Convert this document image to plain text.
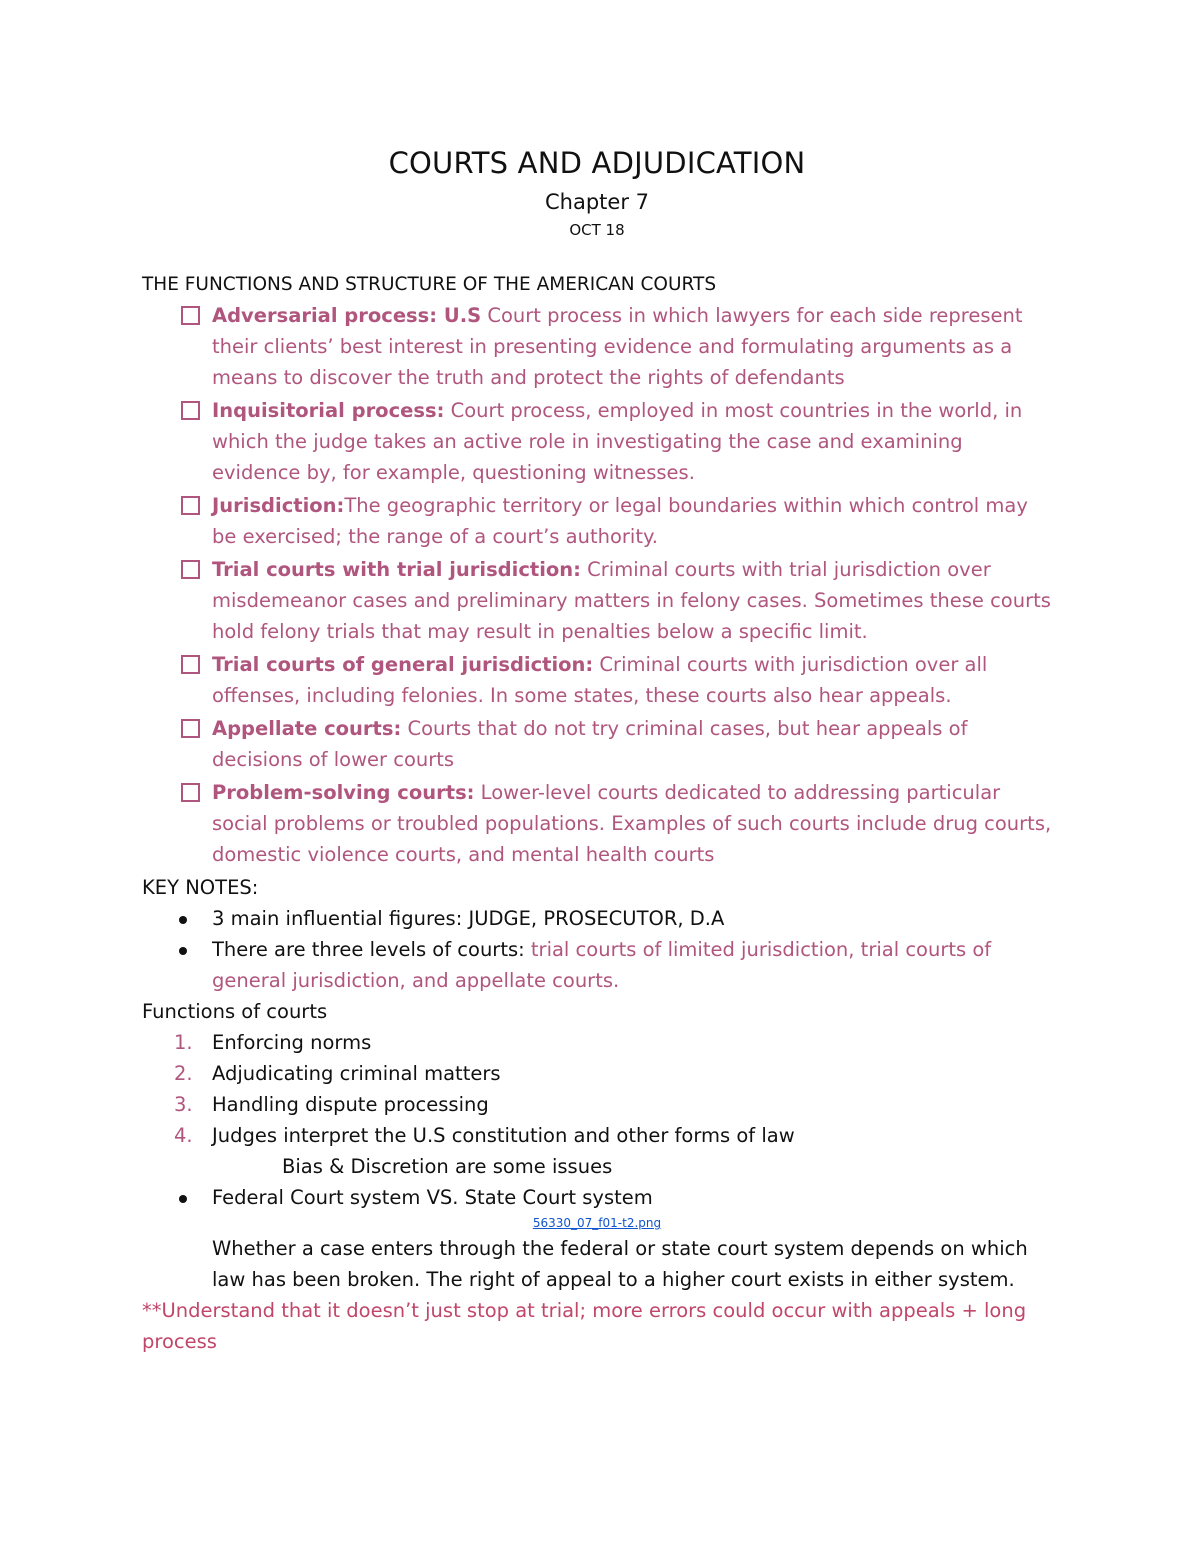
COURTS AND ADJUDICATION
Chapter 7
OCT 18
THE FUNCTIONS AND STRUCTURE OF THE AMERICAN COURTS
Adversarial process: U.S Court process in which lawyers for each side represent their clients’ best interest in presenting evidence and formulating arguments as a means to discover the truth and protect the rights of defendants
Inquisitorial process: Court process, employed in most countries in the world, in which the judge takes an active role in investigating the case and examining evidence by, for example, questioning witnesses.
Jurisdiction:The geographic territory or legal boundaries within which control may be exercised; the range of a court’s authority.
Trial courts with trial jurisdiction: Criminal courts with trial jurisdiction over misdemeanor cases and preliminary matters in felony cases. Sometimes these courts hold felony trials that may result in penalties below a specific limit.
Trial courts of general jurisdiction: Criminal courts with jurisdiction over all offenses, including felonies. In some states, these courts also hear appeals.
Appellate courts: Courts that do not try criminal cases, but hear appeals of decisions of lower courts
Problem-solving courts: Lower-level courts dedicated to addressing particular social problems or troubled populations. Examples of such courts include drug courts, domestic violence courts, and mental health courts
KEY NOTES:
3 main influential figures: JUDGE, PROSECUTOR, D.A
There are three levels of courts: trial courts of limited jurisdiction, trial courts of general jurisdiction, and appellate courts.
Functions of courts
1. Enforcing norms
2. Adjudicating criminal matters
3. Handling dispute processing
4. Judges interpret the U.S constitution and other forms of law
Bias & Discretion are some issues
Federal Court system VS. State Court system
56330_07_f01-t2.png
Whether a case enters through the federal or state court system depends on which law has been broken. The right of appeal to a higher court exists in either system.
**Understand that it doesn’t just stop at trial; more errors could occur with appeals + long process
